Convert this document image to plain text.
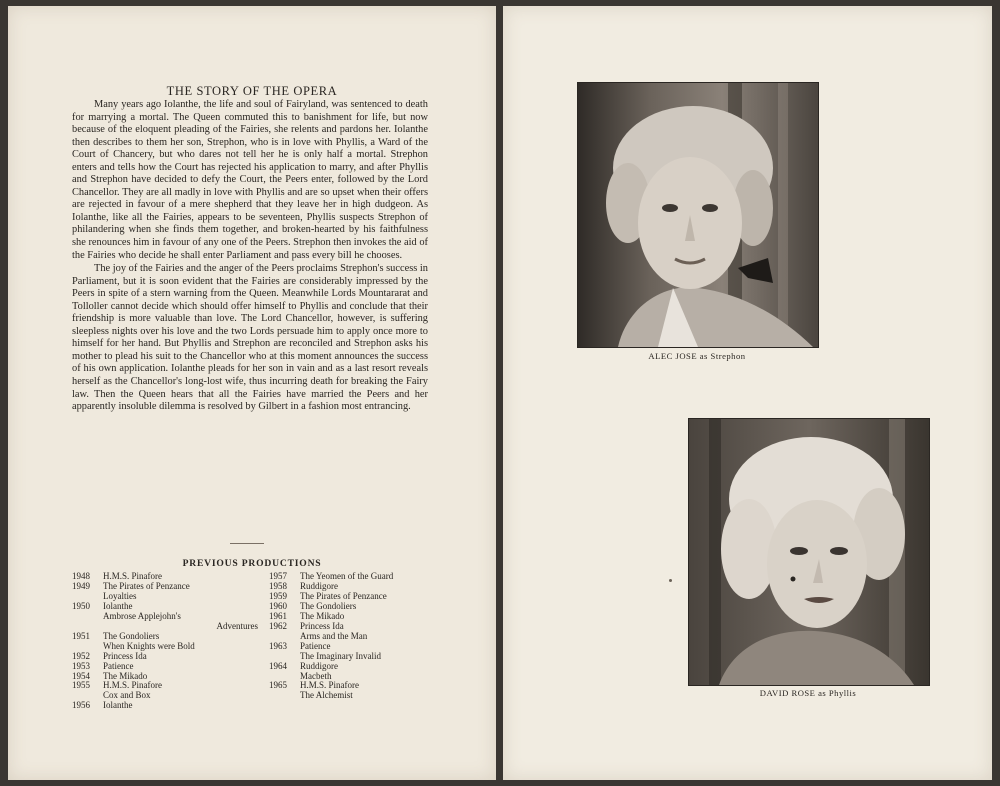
THE STORY OF THE OPERA

Many years ago Iolanthe, the life and soul of Fairyland, was sentenced to death for marrying a mortal. The Queen commuted this to banishment for life, but now because of the eloquent pleading of the Fairies, she relents and pardons her. Iolanthe then describes to them her son, Strephon, who is in love with Phyllis, a Ward of the Court of Chancery, but who dares not tell her he is only half a mortal. Strephon enters and tells how the Court has rejected his application to marry, and after Phyllis and Strephon have decided to defy the Court, the Peers enter, followed by the Lord Chancellor. They are all madly in love with Phyllis and are so upset when their offers are rejected in favour of a mere shepherd that they leave her in high dudgeon. As Iolanthe, like all the Fairies, appears to be seventeen, Phyllis suspects Strephon of philandering when she finds them together, and broken-hearted by his faithfulness she renounces him in favour of any one of the Peers. Strephon then invokes the aid of the Fairies who decide he shall enter Parliament and pass every bill he chooses.

The joy of the Fairies and the anger of the Peers proclaims Strephon's success in Parliament, but it is soon evident that the Fairies are considerably impressed by the Peers in spite of a stern warning from the Queen. Meanwhile Lords Mountararat and Tolloller cannot decide which should offer himself to Phyllis and conclude that their friendship is more valuable than love. The Lord Chancellor, however, is suffering sleepless nights over his love and the two Lords persuade him to apply once more to himself for her hand. But Phyllis and Strephon are reconciled and Strephon asks his mother to plead his suit to the Chancellor who at this moment announces the success of his own application. Iolanthe pleads for her son in vain and as a last resort reveals herself as the Chancellor's long-lost wife, thus incurring death for breaking the Fairy law. Then the Queen hears that all the Fairies have married the Peers and her apparently insoluble dilemma is resolved by Gilbert in a fashion most entrancing.

PREVIOUS PRODUCTIONS
1948	H.M.S. Pinafore
1949	The Pirates of Penzance
Loyalties
1950	Iolanthe
Ambrose Applejohn's
Adventures
1951	The Gondoliers
When Knights were Bold
1952	Princess Ida
1953	Patience
1954	The Mikado
1955	H.M.S. Pinafore
Cox and Box
1956	Iolanthe
1957	The Yeomen of the Guard
1958	Ruddigore
1959	The Pirates of Penzance
1960	The Gondoliers
1961	The Mikado
1962	Princess Ida
Arms and the Man
1963	Patience
The Imaginary Invalid
1964	Ruddigore
Macbeth
1965	H.M.S. Pinafore
The Alchemist
ALEC JOSE as Strephon
DAVID ROSE as Phyllis
